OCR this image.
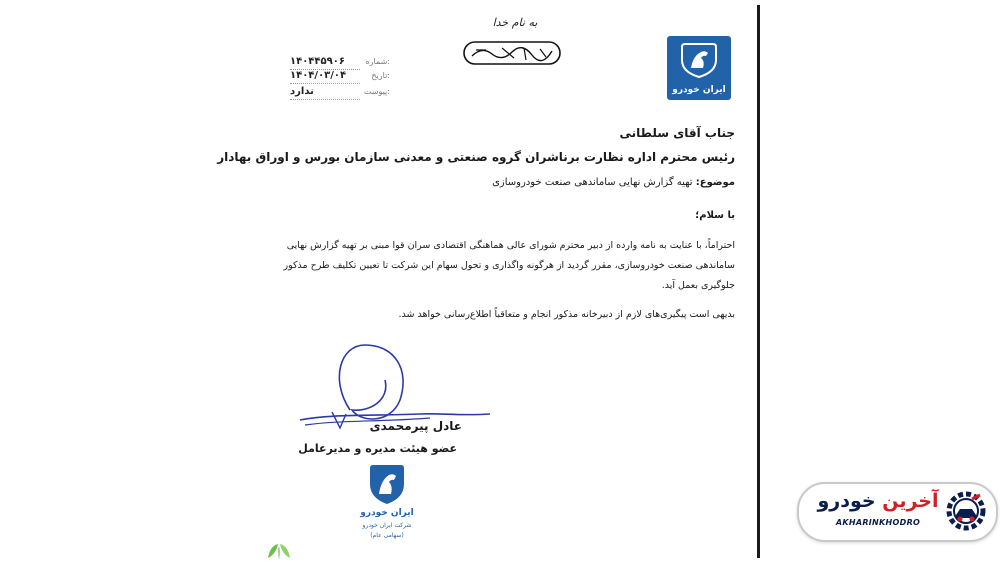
ایران خودرو
به نام خدا
شماره:
۱۴۰۴۴۵۹۰۶
تاریخ:
۱۴۰۴/۰۳/۰۴
پیوست:
ندارد
جناب آقای سلطانی
رئیس محترم اداره نظارت برناشران گروه صنعتی و معدنی سازمان بورس و اوراق بهادار
موضوع: تهیه گزارش نهایی ساماندهی صنعت خودروسازی
با سلام؛
احتراماً، با عنایت به نامه وارده از دبیر محترم شورای عالی هماهنگی اقتصادی سران قوا مبنی بر تهیه گزارش نهایی ساماندهی صنعت خودروسازی، مقرر گردید از هرگونه واگذاری و تحول سهام این شرکت تا تعیین تکلیف طرح مذکور جلوگیری بعمل آید.
بدیهی است پیگیری‌های لازم از دبیرخانه مذکور انجام و متعاقباً اطلاع‌رسانی خواهد شد.
عادل پیرمحمدی
عضو هیئت مدیره و مدیرعامل
ایران خودرو
شرکت ایران خودرو
(سهامی عام)
آخرین خودرو
AKHARINKHODRO
